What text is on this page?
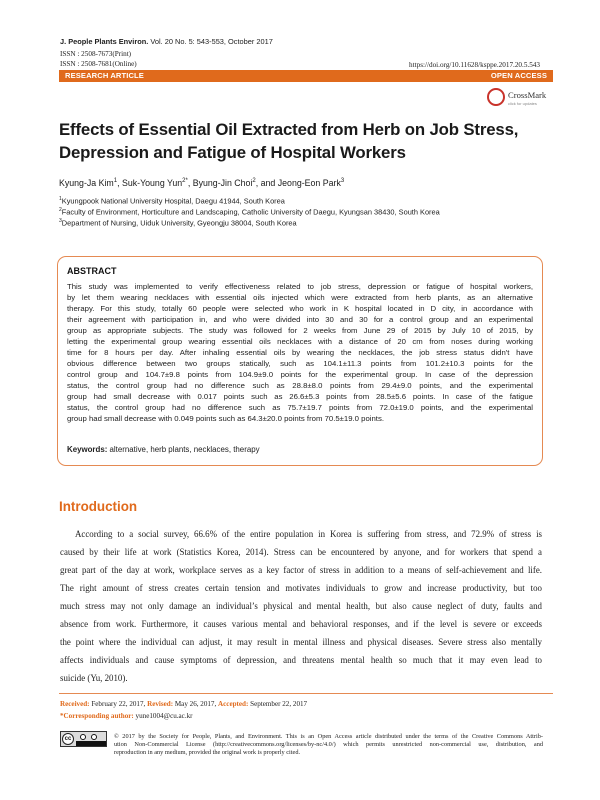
J. People Plants Environ. Vol. 20 No. 5: 543-553, October 2017
ISSN : 2508-7673(Print)
ISSN : 2508-7681(Online)	https://doi.org/10.11628/ksppe.2017.20.5.543
RESEARCH ARTICLE	OPEN ACCESS
CrossMark
click for updates
Effects of Essential Oil Extracted from Herb on Job Stress,
Depression and Fatigue of Hospital Workers
Kyung-Ja Kim$^1$, Suk-Young Yun$^{2*}$, Byung-Jin Choi$^2$, and Jeong-Eon Park$^3$
$^1$Kyungpook National University Hospital, Daegu 41944, South Korea
$^2$Faculty of Environment, Horticulture and Landscaping, Catholic University of Daegu, Kyungsan 38430, South Korea
$^3$Department of Nursing, Uiduk University, Gyeongju 38004, South Korea
ABSTRACT
This study was implemented to verify effectiveness related to job stress, depression or fatigue of hospital workers,
by let them wearing necklaces with essential oils injected which were extracted from herb plants, as an alternative
therapy. For this study, totally 60 people were selected who work in K hospital located in D city, in accordance with
their agreement with participation in, and who were divided into 30 and 30 for a control group and an experimental
group as appropriate subjects. The study was followed for 2 weeks from June 29 of 2015 by July 10 of 2015, by
letting the experimental group wearing essential oils necklaces with a distance of 20 cm from noses during working
time for 8 hours per day. After inhaling essential oils by wearing the necklaces, the job stress status didn't have
obvious difference between two groups statically, such as 104.1±11.3 points from 101.2±10.3 points for the
control group and 104.7±9.8 points from 104.9±9.0 points for the experimental group. In case of the depression
status, the control group had no difference such as 28.8±8.0 points from 29.4±9.0 points, and the experimental
group had small decrease with 0.017 points such as 26.6±5.3 points from 28.5±5.6 points. In case of the fatigue
status, the control group had no difference such as 75.7±19.7 points from 72.0±19.0 points, and the experimental
group had small decrease with 0.049 points such as 64.3±20.0 points from 70.5±19.0 points.
Keywords: alternative, herb plants, necklaces, therapy
Introduction
According to a social survey, 66.6% of the entire population in Korea is suffering from stress, and 72.9% of stress is
caused by their life at work (Statistics Korea, 2014). Stress can be encountered by anyone, and for workers that spend a
great part of the day at work, workplace serves as a key factor of stress in addition to a means of self-achievement and life.
The right amount of stress creates certain tension and motivates individuals to grow and increase productivity, but too
much stress may not only damage an individual’s physical and mental health, but also cause neglect of duty, faults and
absence from work. Furthermore, it causes various mental and behavioral responses, and if the level is severe or exceeds
the point where the individual can adjust, it may result in mental illness and physical diseases. Severe stress also mentally
affects individuals and cause symptoms of depression, and threatens mental health so much that it may even lead to
suicide (Yu, 2010).
Received: February 22, 2017, Revised: May 26, 2017, Accepted: September 22, 2017
*Corresponding author: yune1004@cu.ac.kr
cc	© 2017 by the Society for People, Plants, and Environment. This is an Open Access article distributed under the terms of the Creative Commons Attrib-
ution Non-Commercial License (http://creativecommons.org/licenses/by-nc/4.0/) which permits unrestricted non-commercial use, distribution, and
reproduction in any medium, provided the original work is properly cited.
